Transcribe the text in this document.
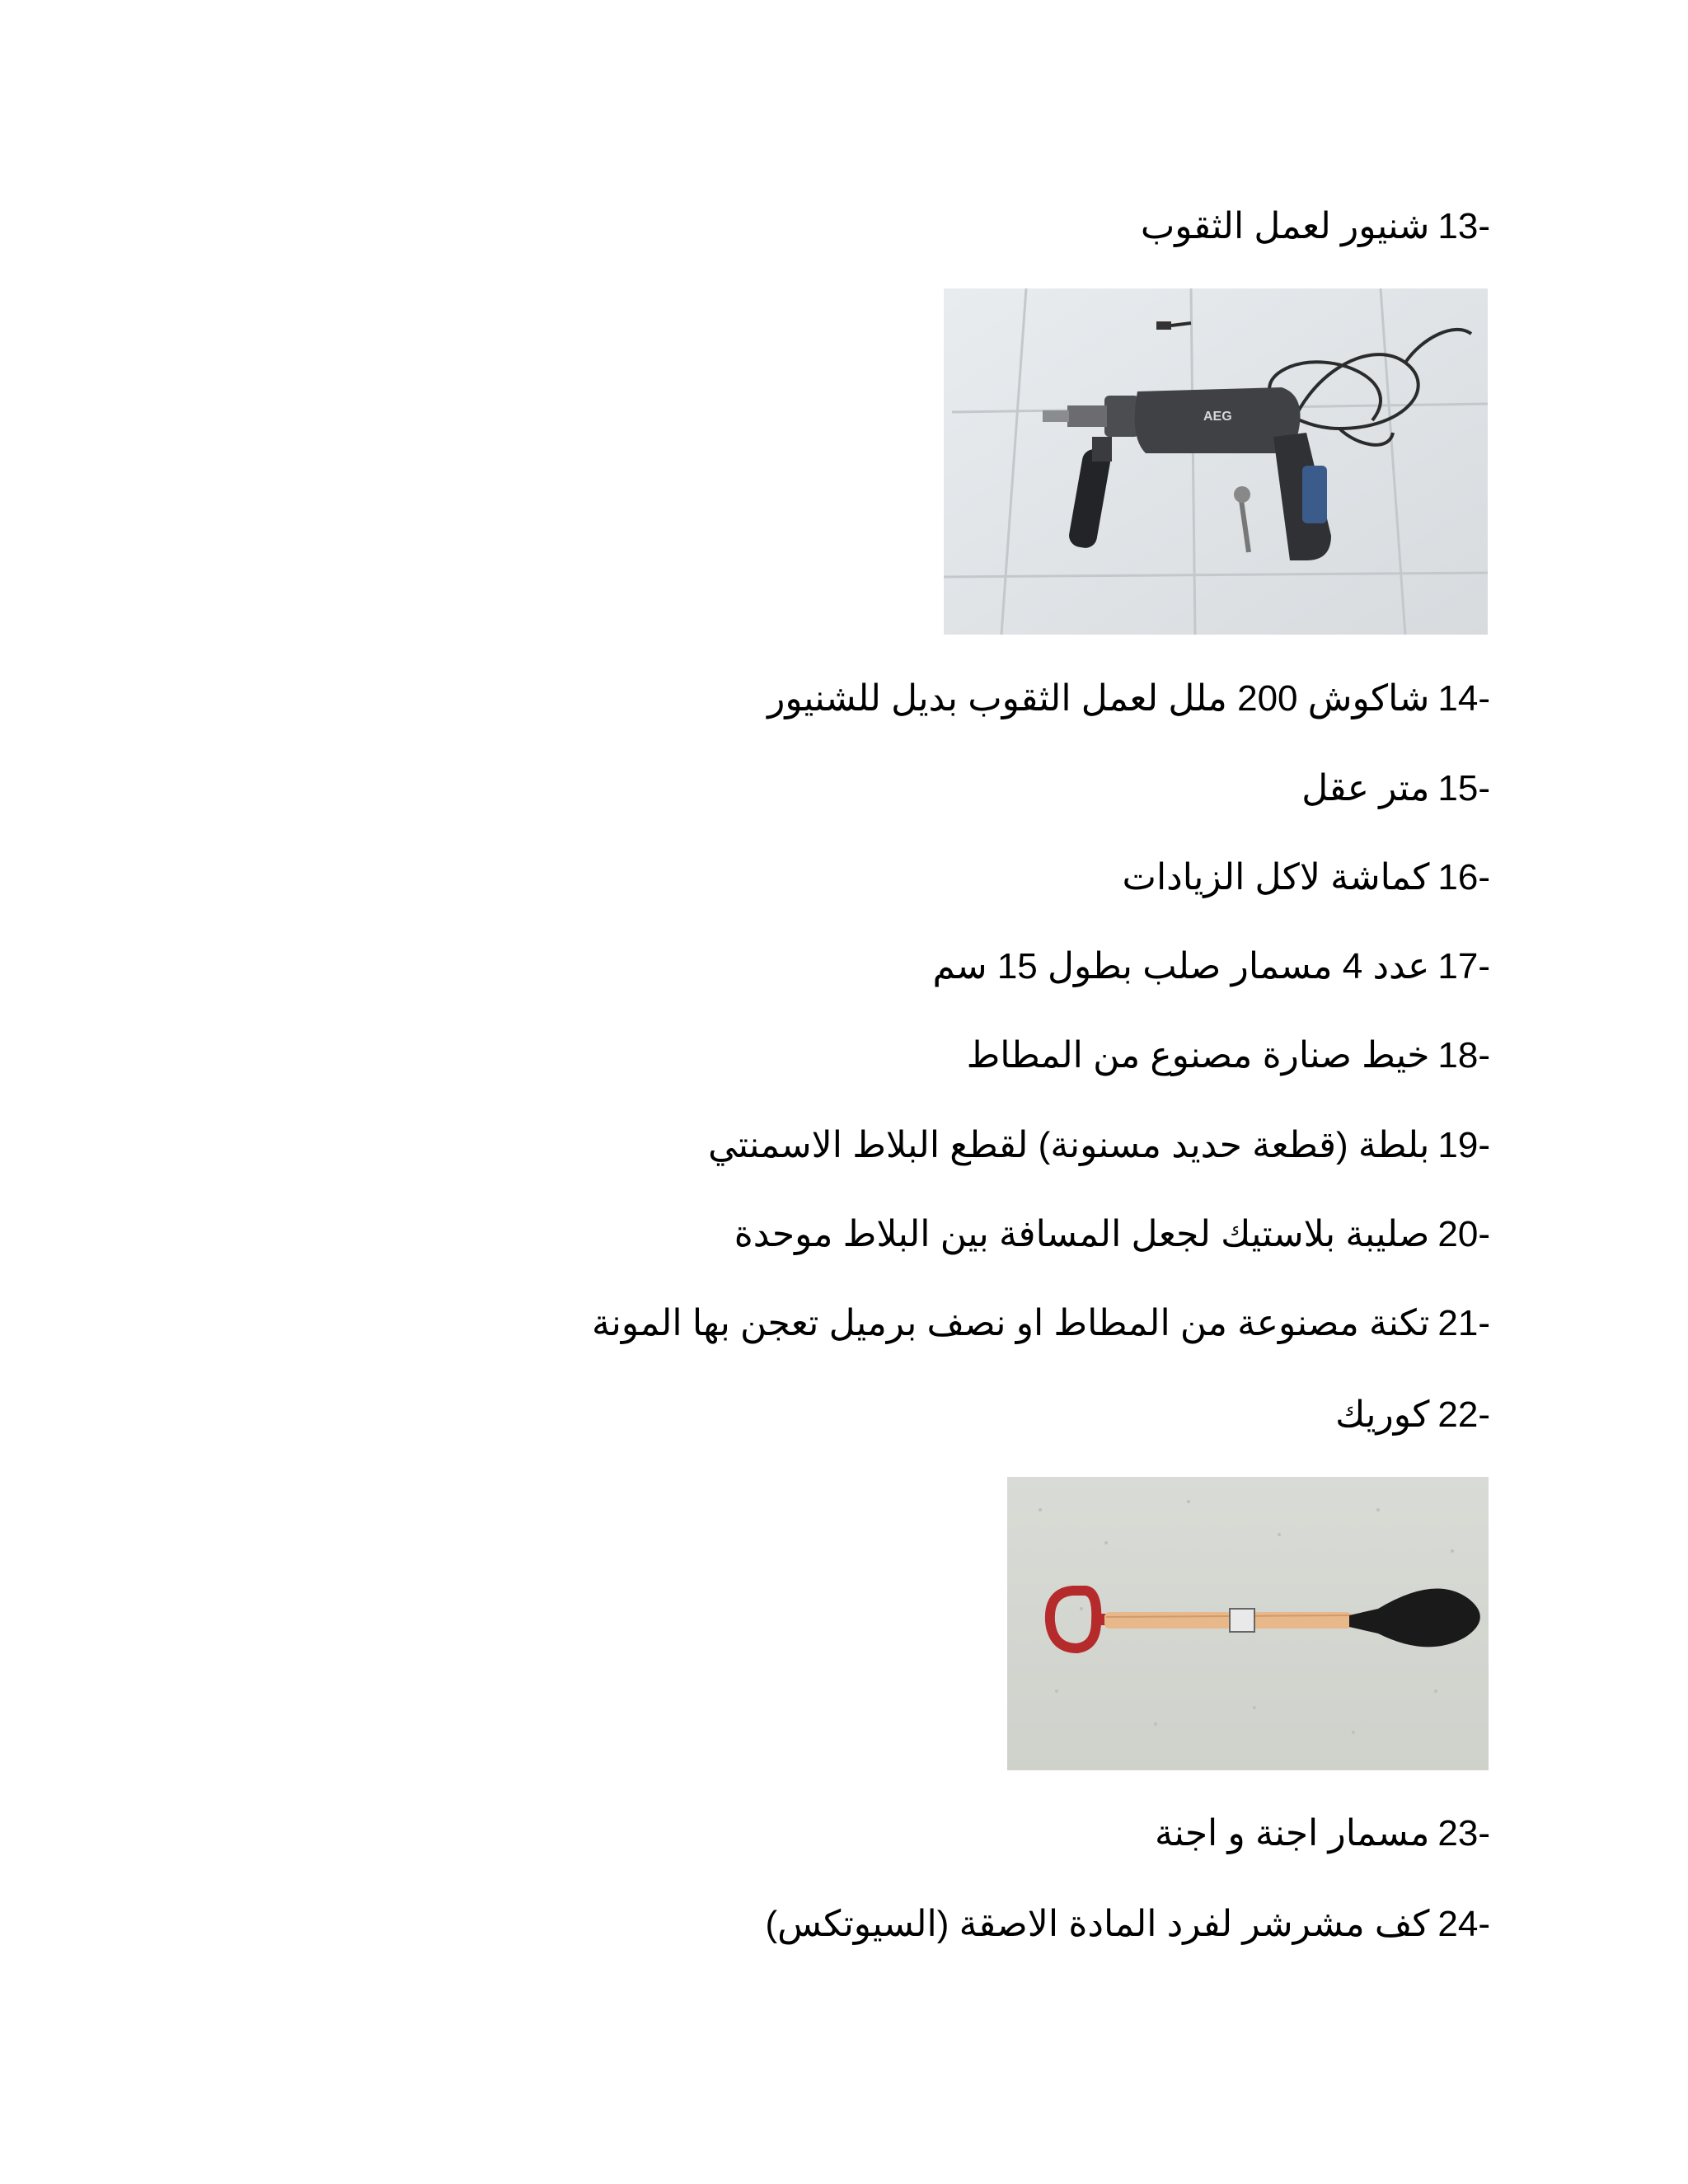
شنيور لعمل الثقوب 13-
AEG
شاكوش 200 ملل لعمل الثقوب بديل للشنيور 14-
متر عقل 15-
كماشة لاكل الزيادات 16-
عدد 4 مسمار صلب بطول 15 سم 17-
خيط صنارة مصنوع من المطاط 18-
بلطة (قطعة حديد مسنونة) لقطع البلاط الاسمنتي 19-
صليبة بلاستيك لجعل المسافة بين البلاط موحدة 20-
تكنة مصنوعة من المطاط او نصف برميل تعجن بها المونة 21-
كوريك 22-
مسمار اجنة و اجنة 23-
كف مشرشر لفرد المادة الاصقة (السيوتكس) 24-
